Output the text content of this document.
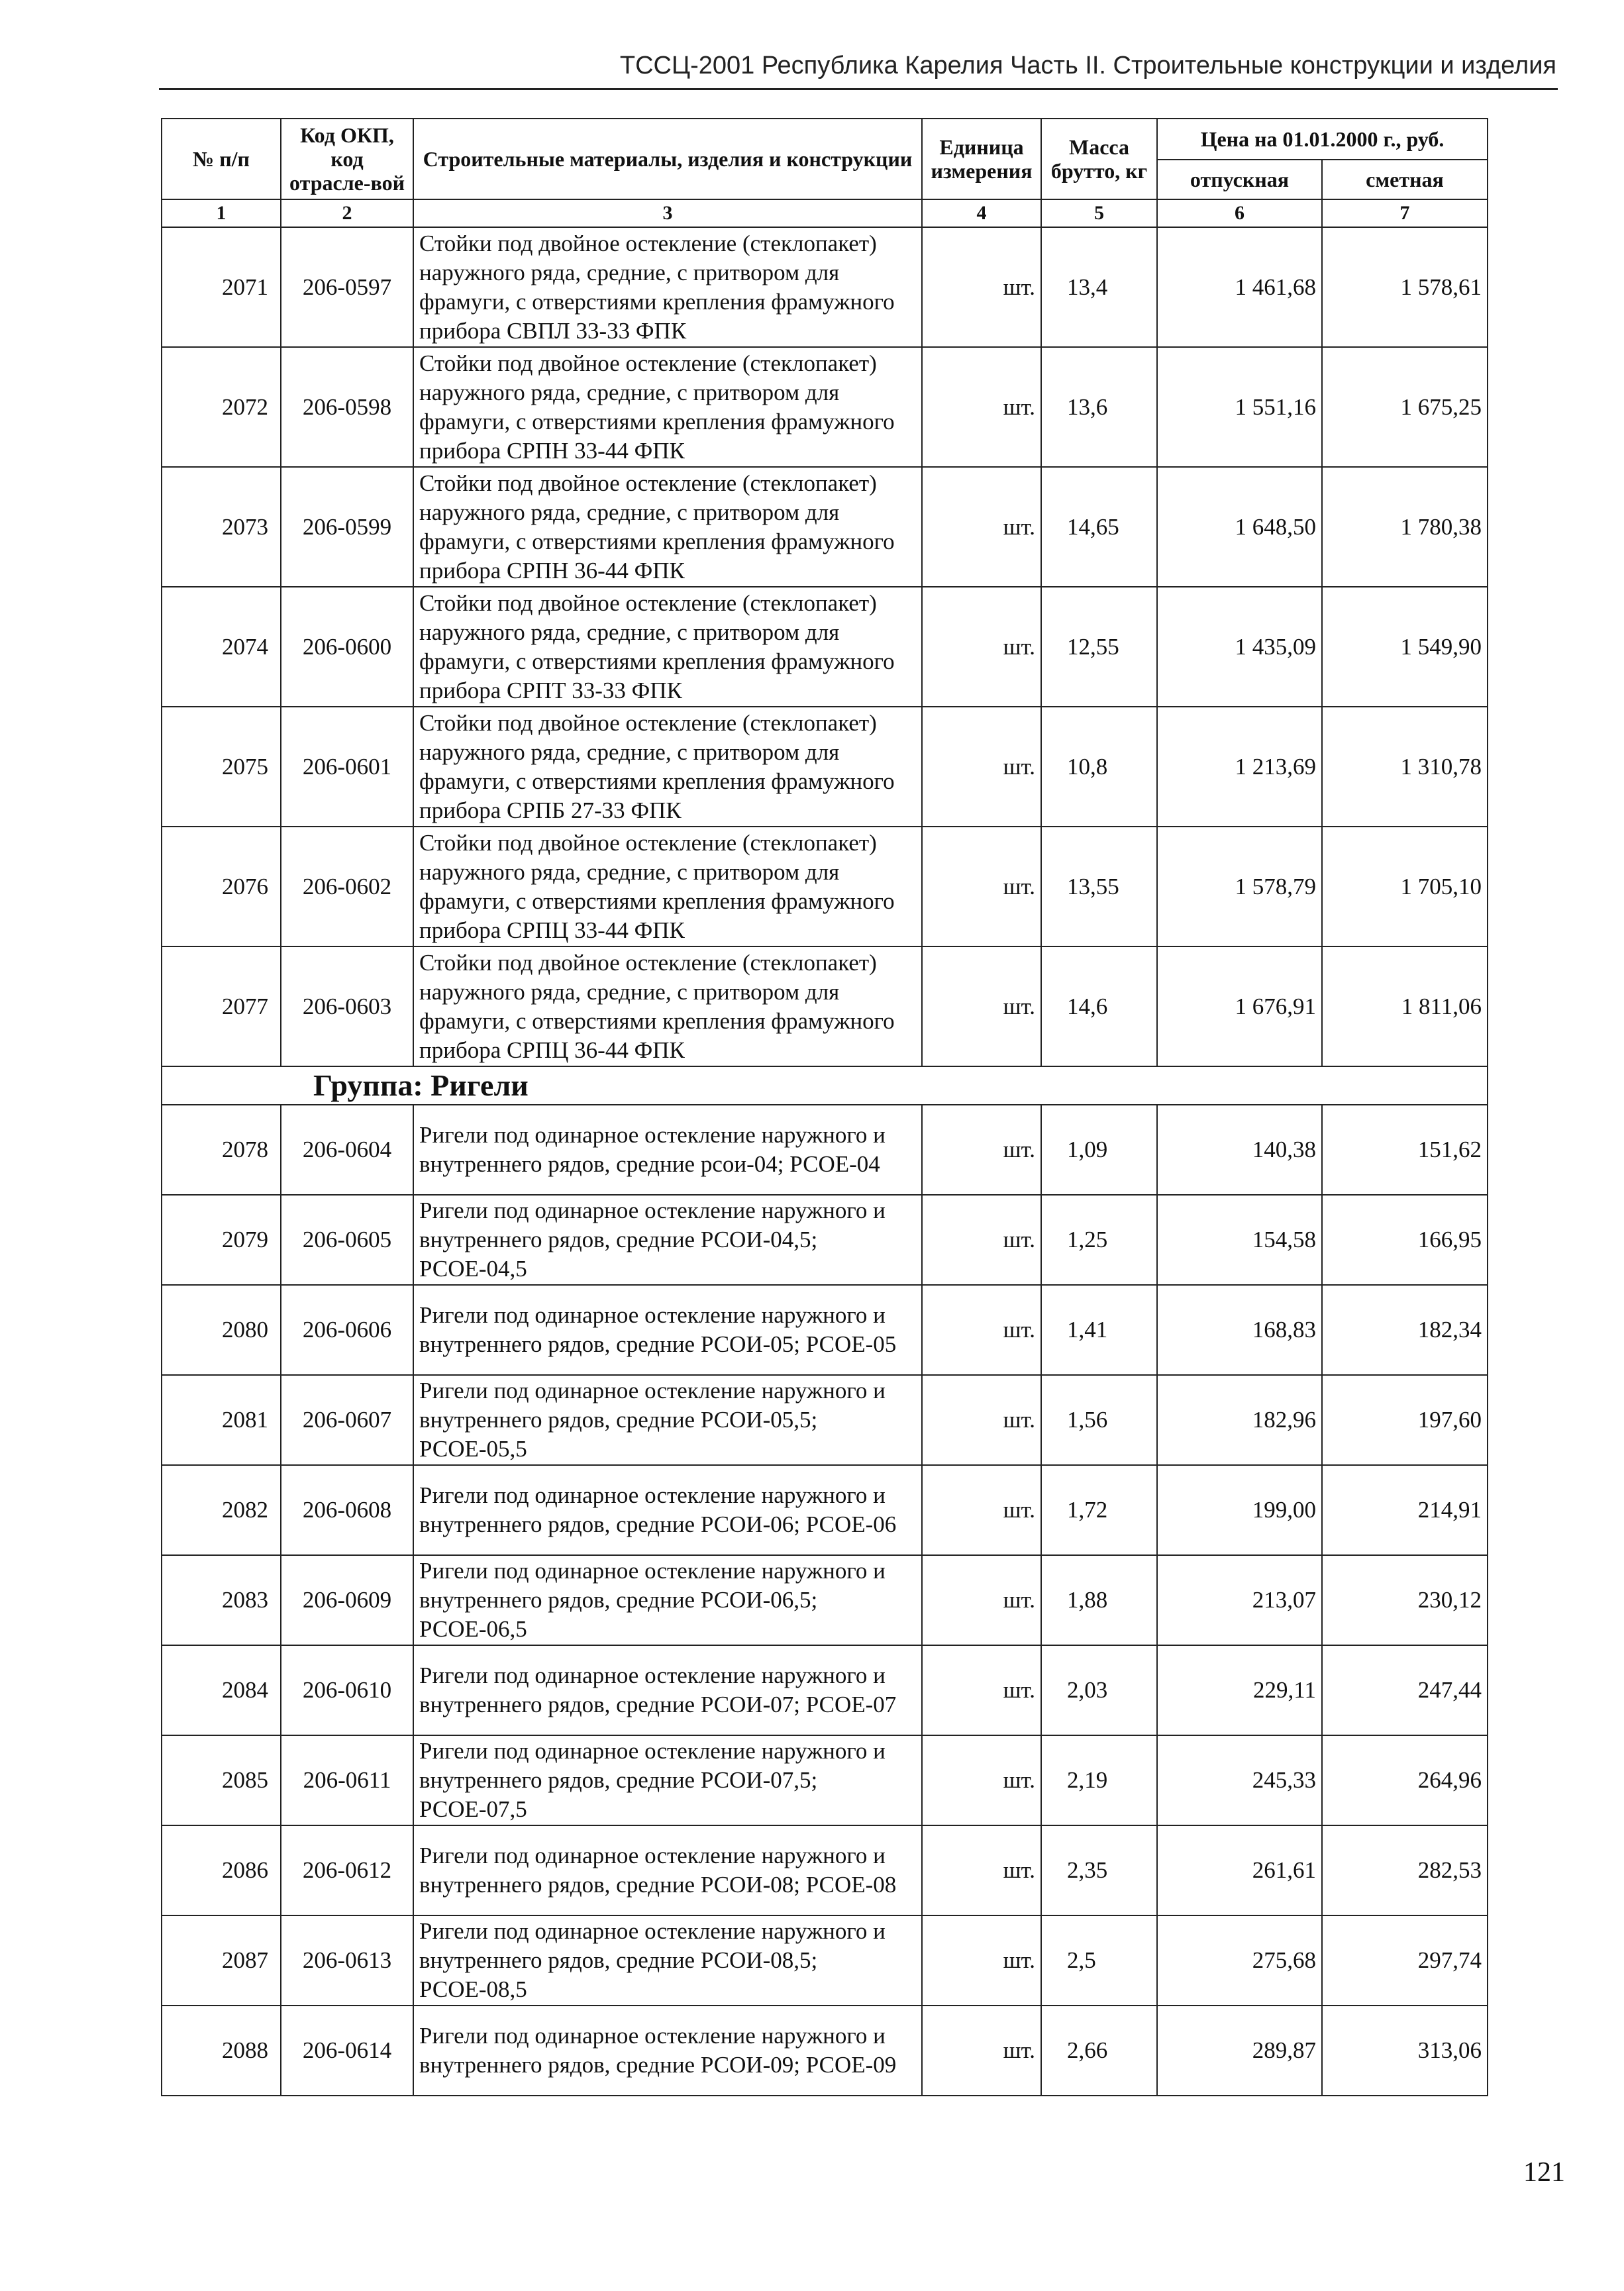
ТССЦ-2001 Республика Карелия Часть II. Строительные конструкции и изделия
№ п/п	Код ОКП, код отрасле-вой	Строительные материалы, изделия и конструкции	Единица измерения	Масса брутто, кг	Цена на 01.01.2000 г., руб.	
					отпускная	сметная
1	2	3	4	5	6	7
2071	206-0597	Стойки под двойное остекление (стеклопакет) наружного ряда, средние, с притвором для фрамуги, с отверстиями крепления фрамужного прибора СВПЛ 33-33 ФПК	шт.	13,4	1 461,68	1 578,61
2072	206-0598	Стойки под двойное остекление (стеклопакет) наружного ряда, средние, с притвором для фрамуги, с отверстиями крепления фрамужного прибора СРПН 33-44 ФПК	шт.	13,6	1 551,16	1 675,25
2073	206-0599	Стойки под двойное остекление (стеклопакет) наружного ряда, средние, с притвором для фрамуги, с отверстиями крепления фрамужного прибора СРПН 36-44 ФПК	шт.	14,65	1 648,50	1 780,38
2074	206-0600	Стойки под двойное остекление (стеклопакет) наружного ряда, средние, с притвором для фрамуги, с отверстиями крепления фрамужного прибора СРПТ 33-33 ФПК	шт.	12,55	1 435,09	1 549,90
2075	206-0601	Стойки под двойное остекление (стеклопакет) наружного ряда, средние, с притвором для фрамуги, с отверстиями крепления фрамужного прибора СРПБ 27-33 ФПК	шт.	10,8	1 213,69	1 310,78
2076	206-0602	Стойки под двойное остекление (стеклопакет) наружного ряда, средние, с притвором для фрамуги, с отверстиями крепления фрамужного прибора СРПЦ 33-44 ФПК	шт.	13,55	1 578,79	1 705,10
2077	206-0603	Стойки под двойное остекление (стеклопакет) наружного ряда, средние, с притвором для фрамуги, с отверстиями крепления фрамужного прибора СРПЦ 36-44 ФПК	шт.	14,6	1 676,91	1 811,06
Группа: Ригели						
2078	206-0604	Ригели под одинарное остекление наружного и внутреннего рядов, средние рсои-04; РСОЕ-04	шт.	1,09	140,38	151,62
2079	206-0605	Ригели под одинарное остекление наружного и внутреннего рядов, средние РСОИ-04,5; РСОЕ-04,5	шт.	1,25	154,58	166,95
2080	206-0606	Ригели под одинарное остекление наружного и внутреннего рядов, средние РСОИ-05; РСОЕ-05	шт.	1,41	168,83	182,34
2081	206-0607	Ригели под одинарное остекление наружного и внутреннего рядов, средние РСОИ-05,5; РСОЕ-05,5	шт.	1,56	182,96	197,60
2082	206-0608	Ригели под одинарное остекление наружного и внутреннего рядов, средние РСОИ-06; РСОЕ-06	шт.	1,72	199,00	214,91
2083	206-0609	Ригели под одинарное остекление наружного и внутреннего рядов, средние РСОИ-06,5; РСОЕ-06,5	шт.	1,88	213,07	230,12
2084	206-0610	Ригели под одинарное остекление наружного и внутреннего рядов, средние РСОИ-07; РСОЕ-07	шт.	2,03	229,11	247,44
2085	206-0611	Ригели под одинарное остекление наружного и внутреннего рядов, средние РСОИ-07,5; РСОЕ-07,5	шт.	2,19	245,33	264,96
2086	206-0612	Ригели под одинарное остекление наружного и внутреннего рядов, средние РСОИ-08; РСОЕ-08	шт.	2,35	261,61	282,53
2087	206-0613	Ригели под одинарное остекление наружного и внутреннего рядов, средние РСОИ-08,5; РСОЕ-08,5	шт.	2,5	275,68	297,74
2088	206-0614	Ригели под одинарное остекление наружного и внутреннего рядов, средние РСОИ-09; РСОЕ-09	шт.	2,66	289,87	313,06
121
